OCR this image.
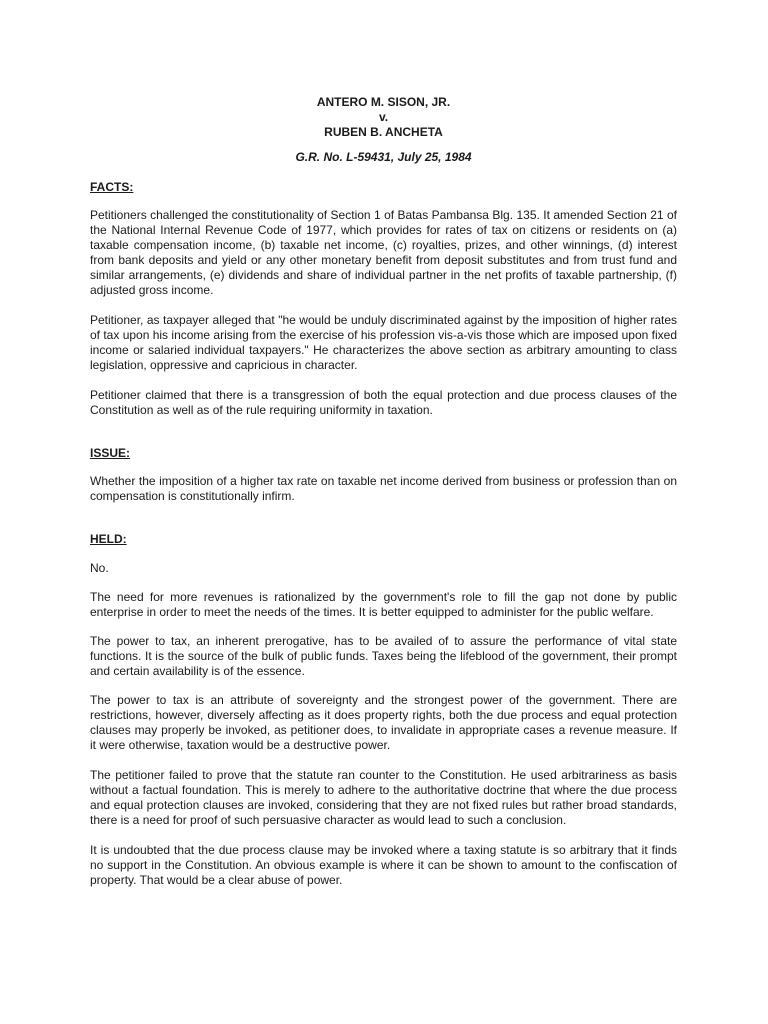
ANTERO M. SISON, JR.
v.
RUBEN B. ANCHETA
G.R. No. L-59431, July 25, 1984
FACTS:

Petitioners challenged the constitutionality of Section 1 of Batas Pambansa Blg. 135. It amended Section 21 of the National Internal Revenue Code of 1977, which provides for rates of tax on citizens or residents on (a) taxable compensation income, (b) taxable net income, (c) royalties, prizes, and other winnings, (d) interest from bank deposits and yield or any other monetary benefit from deposit substitutes and from trust fund and similar arrangements, (e) dividends and share of individual partner in the net profits of taxable partnership, (f) adjusted gross income.

Petitioner, as taxpayer alleged that "he would be unduly discriminated against by the imposition of higher rates of tax upon his income arising from the exercise of his profession vis-a-vis those which are imposed upon fixed income or salaried individual taxpayers." He characterizes the above section as arbitrary amounting to class legislation, oppressive and capricious in character.

Petitioner claimed that there is a transgression of both the equal protection and due process clauses of the Constitution as well as of the rule requiring uniformity in taxation.

ISSUE:

Whether the imposition of a higher tax rate on taxable net income derived from business or profession than on compensation is constitutionally infirm.

HELD:

No.

The need for more revenues is rationalized by the government's role to fill the gap not done by public enterprise in order to meet the needs of the times. It is better equipped to administer for the public welfare.

The power to tax, an inherent prerogative, has to be availed of to assure the performance of vital state functions. It is the source of the bulk of public funds. Taxes being the lifeblood of the government, their prompt and certain availability is of the essence.

The power to tax is an attribute of sovereignty and the strongest power of the government. There are restrictions, however, diversely affecting as it does property rights, both the due process and equal protection clauses may properly be invoked, as petitioner does, to invalidate in appropriate cases a revenue measure. If it were otherwise, taxation would be a destructive power.

The petitioner failed to prove that the statute ran counter to the Constitution. He used arbitrariness as basis without a factual foundation. This is merely to adhere to the authoritative doctrine that where the due process and equal protection clauses are invoked, considering that they are not fixed rules but rather broad standards, there is a need for proof of such persuasive character as would lead to such a conclusion.

It is undoubted that the due process clause may be invoked where a taxing statute is so arbitrary that it finds no support in the Constitution. An obvious example is where it can be shown to amount to the confiscation of property. That would be a clear abuse of power.
